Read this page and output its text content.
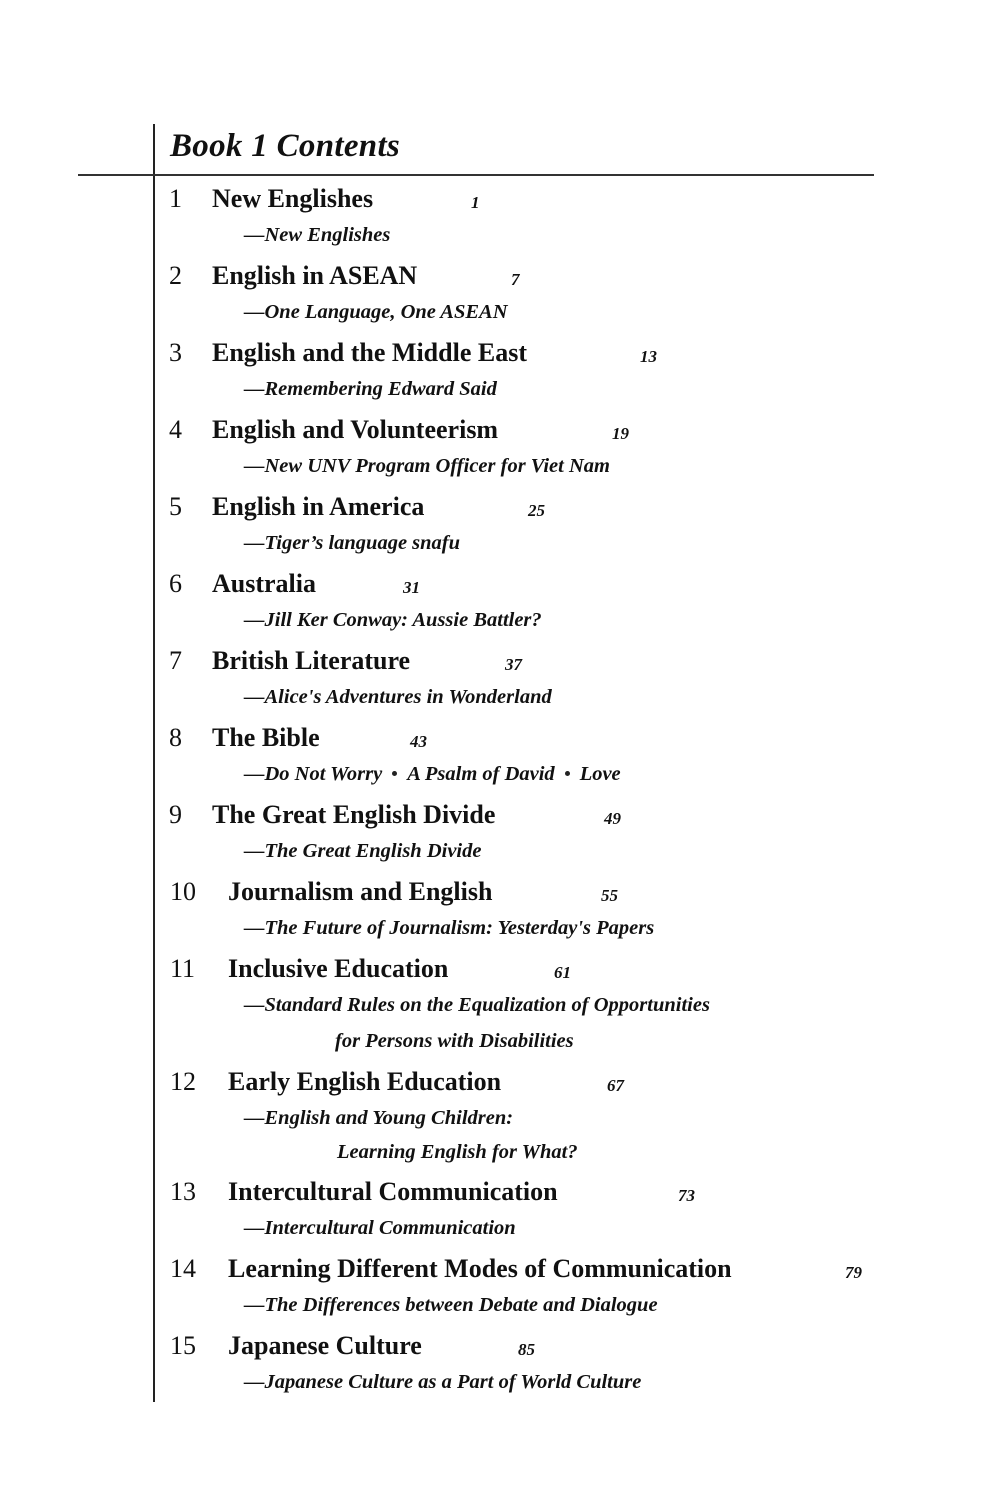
Book 1 Contents
1 New Englishes	1
—New Englishes
2 English in ASEAN	7
—One Language, One ASEAN
3 English and the Middle East	13
—Remembering Edward Said
4 English and Volunteerism	19
—New UNV Program Officer for Viet Nam
5 English in America	25
—Tiger’s language snafu
6 Australia	31
—Jill Ker Conway: Aussie Battler?
7 British Literature	37
—Alice's Adventures in Wonderland
8 The Bible	43
—Do Not Worry A Psalm of David Love
9 The Great English Divide	49
—The Great English Divide
10 Journalism and English	55
—The Future of Journalism: Yesterday's Papers
11 Inclusive Education	61
—Standard Rules on the Equalization of Opportunities
for Persons with Disabilities
12 Early English Education	67
—English and Young Children:
Learning English for What?
13 Intercultural Communication	73
—Intercultural Communication
14 Learning Different Modes of Communication	79
—The Differences between Debate and Dialogue
15 Japanese Culture	85
—Japanese Culture as a Part of World Culture
